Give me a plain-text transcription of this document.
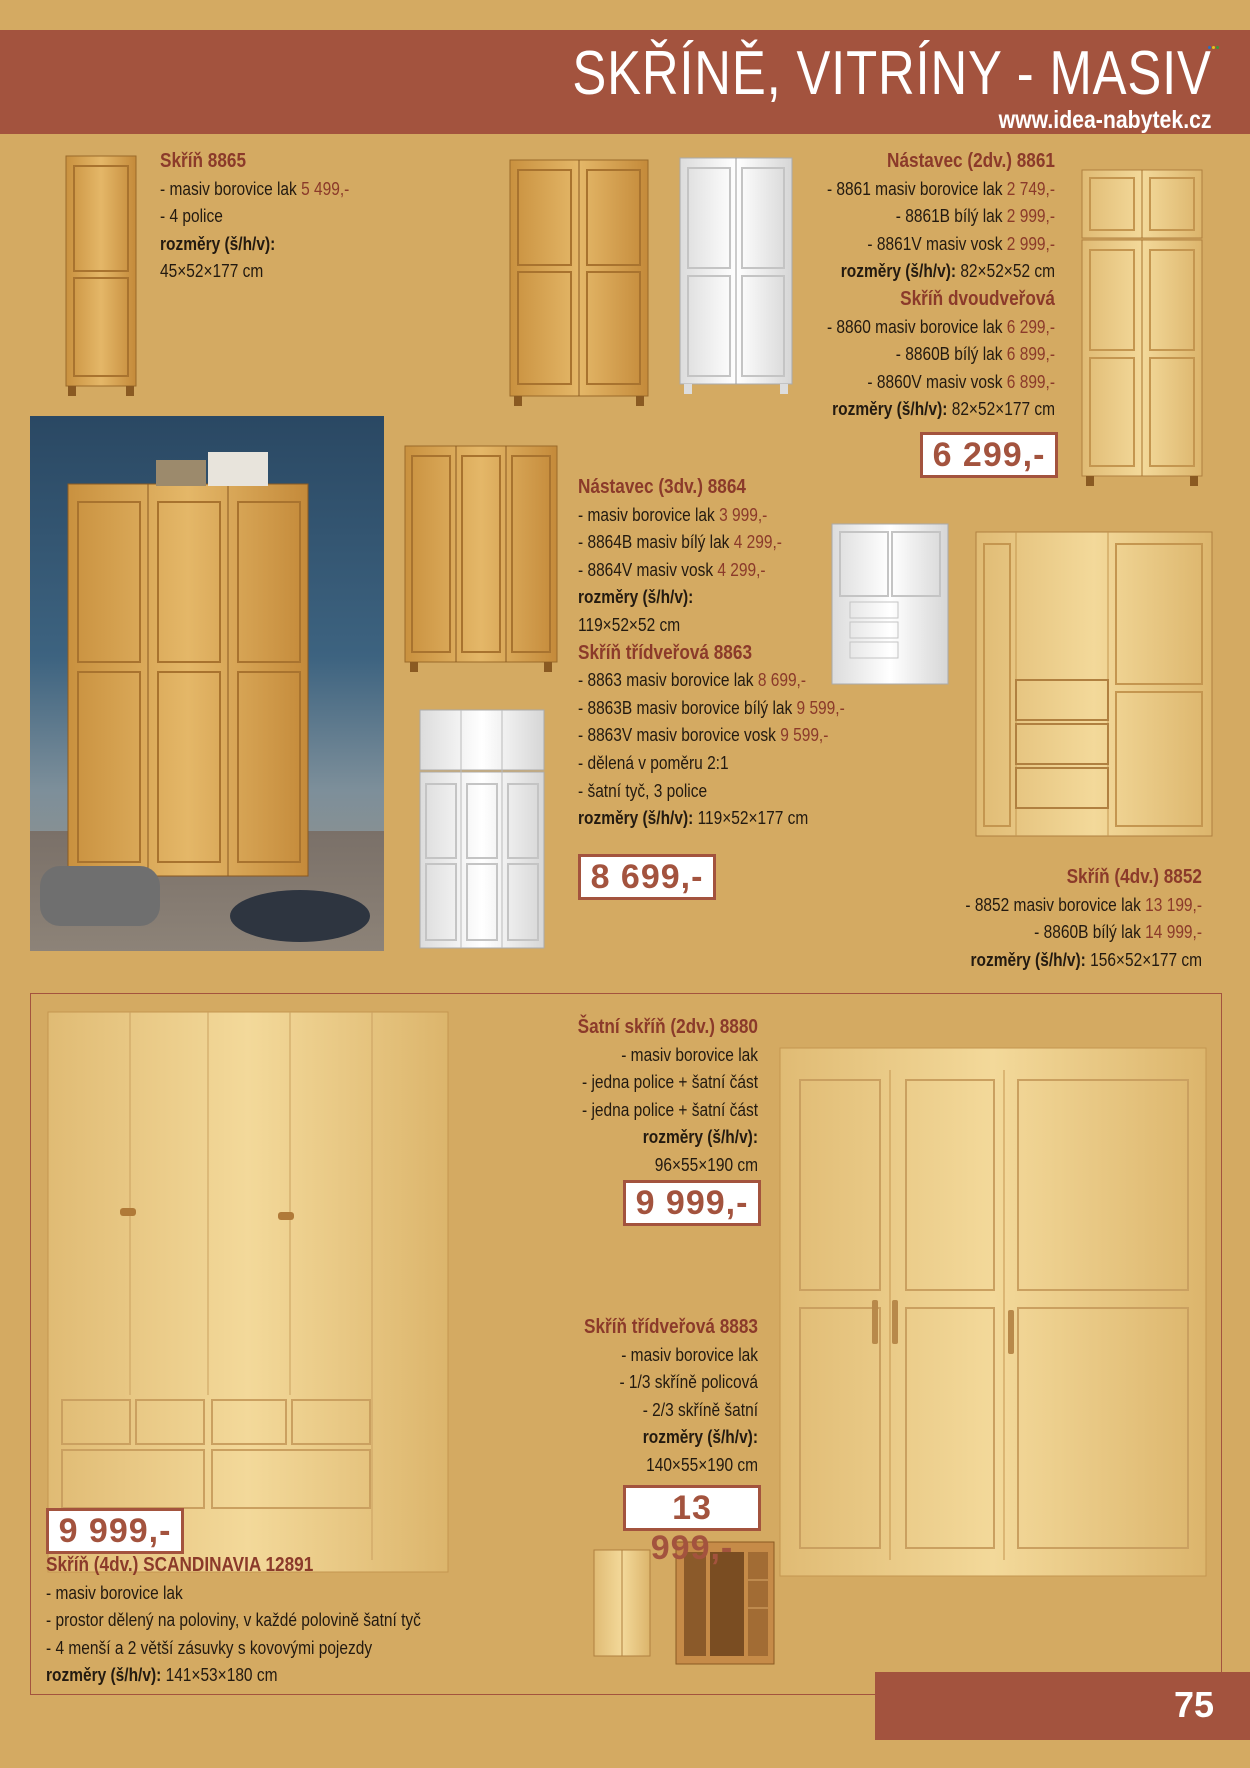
SKŘÍNĚ, VITRÍNY - MASIV
www.idea-nabytek.cz
Skříň 8865
- masiv borovice lak 5 499,-
- 4 police
rozměry (š/h/v):
45×52×177 cm
Nástavec (2dv.) 8861
- 8861 masiv borovice lak 2 749,-
- 8861B bílý lak 2 999,-
- 8861V masiv vosk 2 999,-
rozměry (š/h/v): 82×52×52 cm
Skříň dvoudveřová
- 8860 masiv borovice lak 6 299,-
- 8860B bílý lak 6 899,-
- 8860V masiv vosk 6 899,-
rozměry (š/h/v): 82×52×177 cm
6 299,-
Nástavec (3dv.) 8864
- masiv borovice lak 3 999,-
- 8864B masiv bílý lak 4 299,-
- 8864V masiv vosk 4 299,-
rozměry (š/h/v):
119×52×52 cm
Skříň třídveřová 8863
- 8863 masiv borovice lak 8 699,-
- 8863B masiv borovice bílý lak 9 599,-
- 8863V masiv borovice vosk 9 599,-
- dělená v poměru 2:1
- šatní tyč, 3 police
rozměry (š/h/v): 119×52×177 cm
8 699,-	Skříň (4dv.) 8852
- 8852 masiv borovice lak 13 199,-
- 8860B bílý lak 14 999,-
rozměry (š/h/v): 156×52×177 cm
Šatní skříň (2dv.) 8880
- masiv borovice lak
- jedna police + šatní část
- jedna police + šatní část
rozměry (š/h/v):
96×55×190 cm
9 999,-
Skříň třídveřová 8883
- masiv borovice lak
- 1/3 skříně policová
- 2/3 skříně šatní
rozměry (š/h/v):
140×55×190 cm
13 999,-
9 999,-
Skříň (4dv.) SCANDINAVIA 12891
- masiv borovice lak
- prostor dělený na poloviny, v každé polovině šatní tyč
- 4 menší a 2 větší zásuvky s kovovými pojezdy
rozměry (š/h/v): 141×53×180 cm
75
